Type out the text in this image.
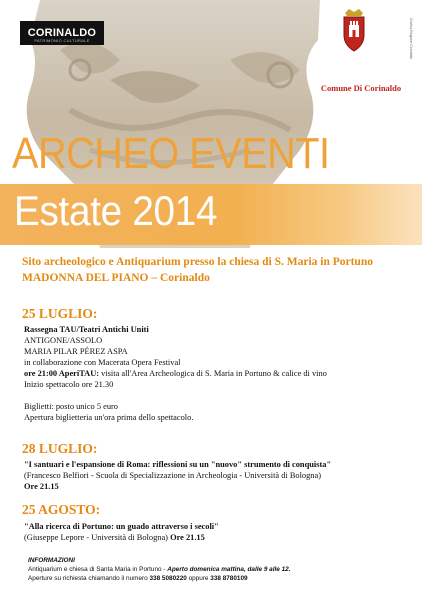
CORINALDO
PATRIMONIO CULTURALE	Grafica Regione Corinaldo
Comune Di Corinaldo
ARCHEO EVENTI
Estate 2014
Sito archeologico e Antiquarium presso la chiesa di S. Maria in Portuno
MADONNA DEL PIANO – Corinaldo
25 LUGLIO:
Rassegna TAU/Teatri Antichi Uniti
ANTIGONE/ASSOLO
MARIA PILAR PÉREZ ASPA
in collaborazione con Macerata Opera Festival
ore 21:00 AperiTAU: visita all'Area Archeologica di S. Maria in Portuno & calice di vino
Inizio spettacolo ore 21.30
Biglietti: posto unico 5 euro
Apertura biglietteria un'ora prima dello spettacolo.
28 LUGLIO:
"I santuari e l'espansione di Roma: riflessioni su un "nuovo" strumento di conquista"
(Francesco Belfiori - Scuola di Specializzazione in Archeologia - Università di Bologna)
Ore 21.15
25 AGOSTO:
"Alla ricerca di Portuno: un guado attraverso i secoli"
(Giuseppe Lepore - Università di Bologna) Ore 21.15
INFORMAZIONI
Antiquarium e chiesa di Santa Maria in Portuno - Aperto domenica mattina, dalle 9 alle 12.
Aperture su richiesta chiamando il numero 338 5080220 oppure 338 8780109
